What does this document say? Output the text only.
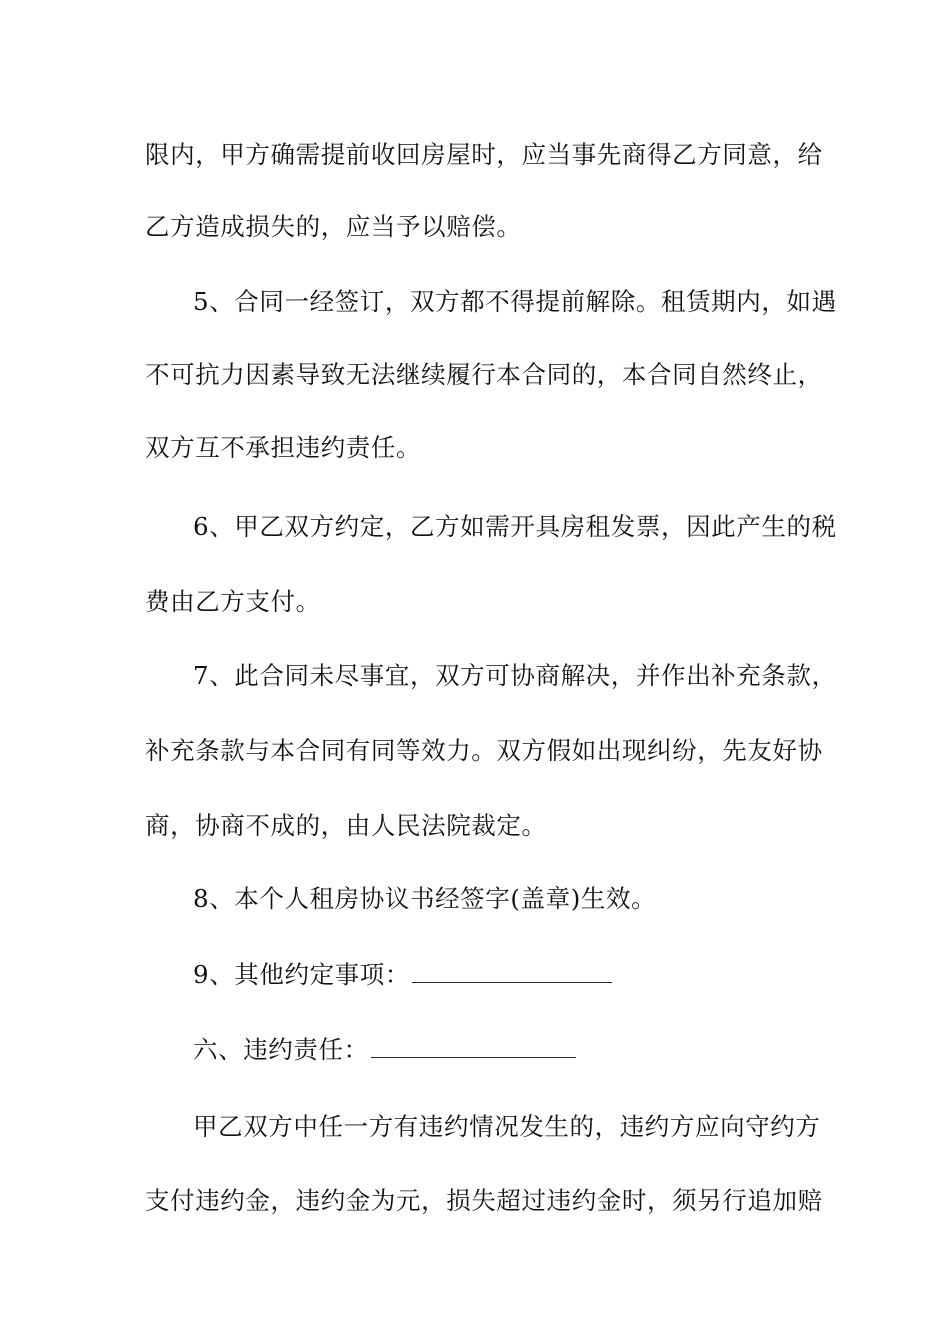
限内，甲方确需提前收回房屋时，应当事先商得乙方同意，给
乙方造成损失的，应当予以赔偿。
5、合同一经签订，双方都不得提前解除。租赁期内，如遇
不可抗力因素导致无法继续履行本合同的，本合同自然终止，
双方互不承担违约责任。
6、甲乙双方约定，乙方如需开具房租发票，因此产生的税
费由乙方支付。
7、此合同未尽事宜，双方可协商解决，并作出补充条款，
补充条款与本合同有同等效力。双方假如出现纠纷，先友好协
商，协商不成的，由人民法院裁定。
8、本个人租房协议书经签字(盖章)生效。
9、其他约定事项：
六、违约责任：
甲乙双方中任一方有违约情况发生的，违约方应向守约方
支付违约金，违约金为元，损失超过违约金时，须另行追加赔
